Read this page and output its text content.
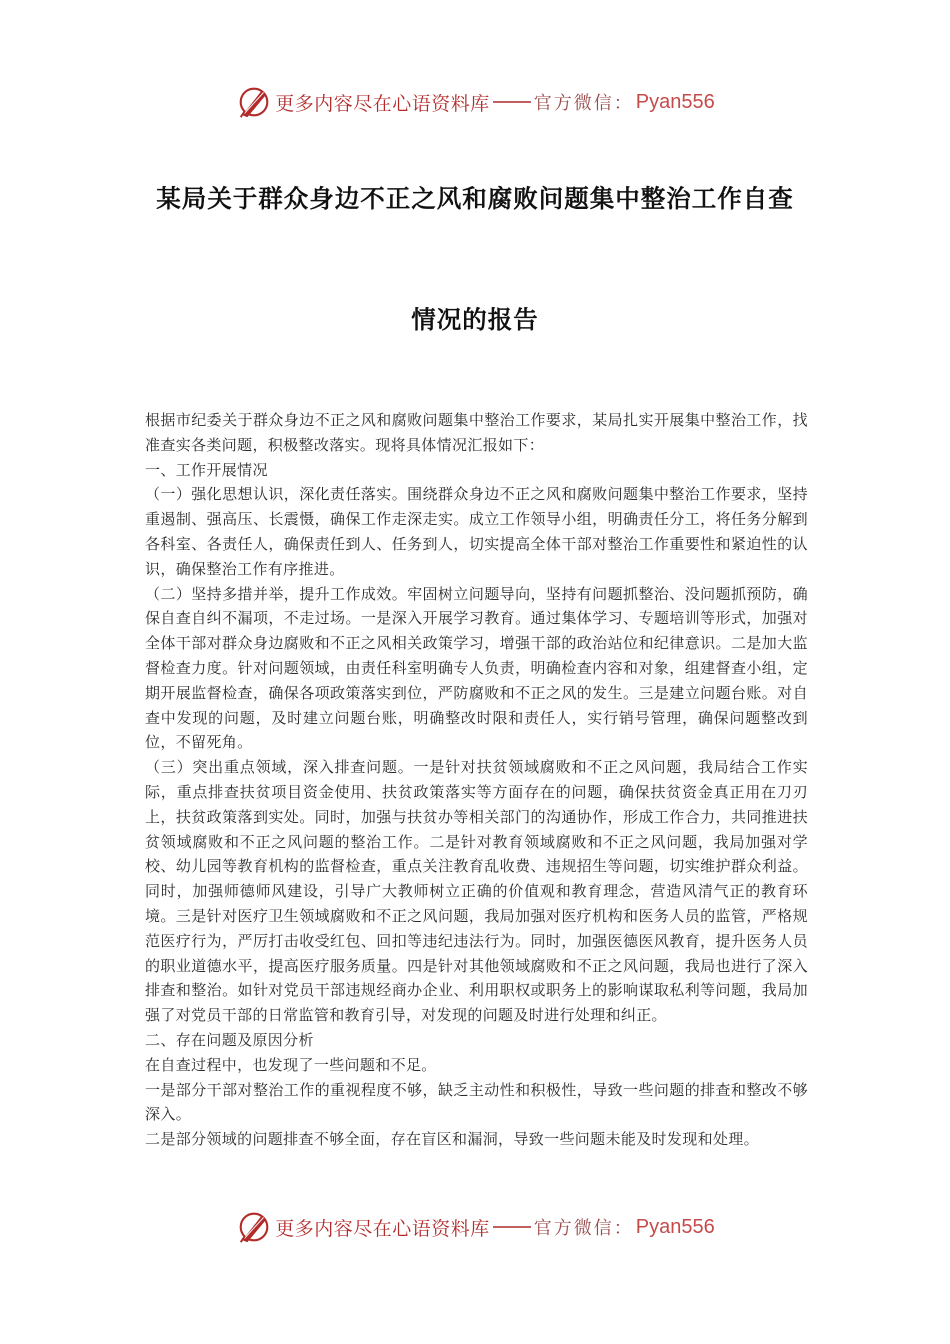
更多内容尽在心语资料库 官方微信： Pyan556
某局关于群众身边不正之风和腐败问题集中整治工作自查
情况的报告

根据市纪委关于群众身边不正之风和腐败问题集中整治工作要求，某局扎实开展集中整治工作，找准查实各类问题，积极整改落实。现将具体情况汇报如下：

一、工作开展情况

（一）强化思想认识，深化责任落实。围绕群众身边不正之风和腐败问题集中整治工作要求，坚持重遏制、强高压、长震慑，确保工作走深走实。成立工作领导小组，明确责任分工，将任务分解到各科室、各责任人，确保责任到人、任务到人，切实提高全体干部对整治工作重要性和紧迫性的认识，确保整治工作有序推进。

（二）坚持多措并举，提升工作成效。牢固树立问题导向，坚持有问题抓整治、没问题抓预防，确保自查自纠不漏项，不走过场。一是深入开展学习教育。通过集体学习、专题培训等形式，加强对全体干部对群众身边腐败和不正之风相关政策学习，增强干部的政治站位和纪律意识。二是加大监督检查力度。针对问题领域，由责任科室明确专人负责，明确检查内容和对象，组建督查小组，定期开展监督检查，确保各项政策落实到位，严防腐败和不正之风的发生。三是建立问题台账。对自查中发现的问题，及时建立问题台账，明确整改时限和责任人，实行销号管理，确保问题整改到位，不留死角。

（三）突出重点领域，深入排查问题。一是针对扶贫领域腐败和不正之风问题，我局结合工作实际，重点排查扶贫项目资金使用、扶贫政策落实等方面存在的问题，确保扶贫资金真正用在刀刃上，扶贫政策落到实处。同时，加强与扶贫办等相关部门的沟通协作，形成工作合力，共同推进扶贫领域腐败和不正之风问题的整治工作。二是针对教育领域腐败和不正之风问题，我局加强对学校、幼儿园等教育机构的监督检查，重点关注教育乱收费、违规招生等问题，切实维护群众利益。同时，加强师德师风建设，引导广大教师树立正确的价值观和教育理念，营造风清气正的教育环境。三是针对医疗卫生领域腐败和不正之风问题，我局加强对医疗机构和医务人员的监管，严格规范医疗行为，严厉打击收受红包、回扣等违纪违法行为。同时，加强医德医风教育，提升医务人员的职业道德水平，提高医疗服务质量。四是针对其他领域腐败和不正之风问题，我局也进行了深入排查和整治。如针对党员干部违规经商办企业、利用职权或职务上的影响谋取私利等问题，我局加强了对党员干部的日常监管和教育引导，对发现的问题及时进行处理和纠正。

二、存在问题及原因分析

在自查过程中，也发现了一些问题和不足。

一是部分干部对整治工作的重视程度不够，缺乏主动性和积极性，导致一些问题的排查和整改不够深入。

二是部分领域的问题排查不够全面，存在盲区和漏洞，导致一些问题未能及时发现和处理。

更多内容尽在心语资料库 官方微信： Pyan556
